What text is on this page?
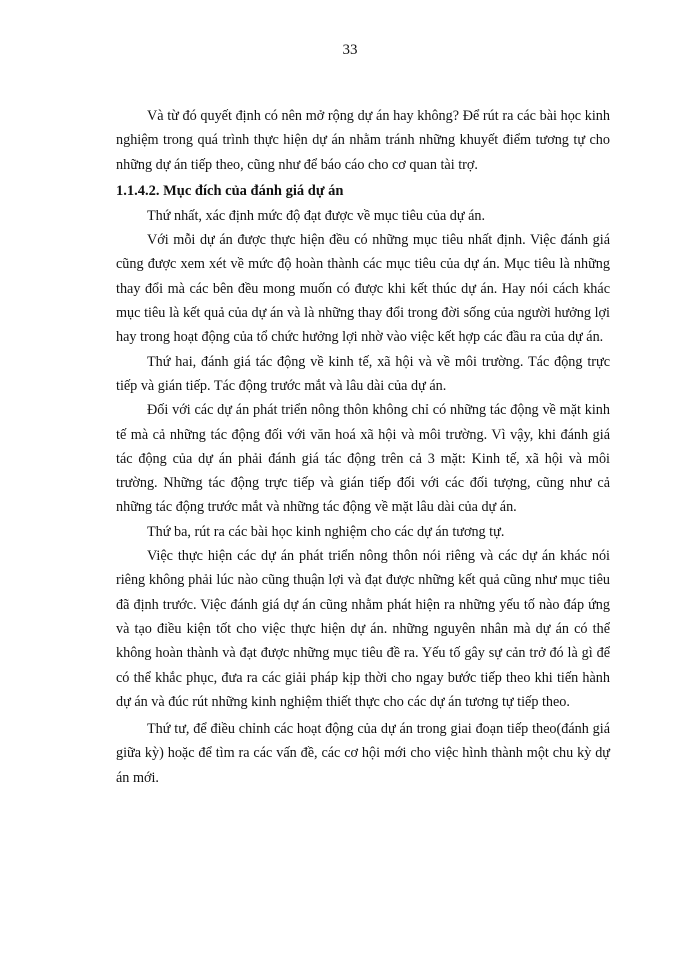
33

Và từ đó quyết định có nên mở rộng dự án hay không? Để rút ra các bài học kinh nghiệm trong quá trình thực hiện dự án nhằm tránh những khuyết điểm tương tự cho những dự án tiếp theo, cũng như để báo cáo cho cơ quan tài trợ.

1.1.4.2. Mục đích của đánh giá dự án

Thứ nhất, xác định mức độ đạt được về mục tiêu của dự án.

Với mỗi dự án được thực hiện đều có những mục tiêu nhất định. Việc đánh giá cũng được xem xét về mức độ hoàn thành các mục tiêu của dự án. Mục tiêu là những thay đổi mà các bên đều mong muốn có được khi kết thúc dự án. Hay nói cách khác mục tiêu là kết quả của dự án và là những thay đổi trong đời sống của người hưởng lợi hay trong hoạt động của tổ chức hưởng lợi nhờ vào việc kết hợp các đầu ra của dự án.

Thứ hai, đánh giá tác động về kinh tế, xã hội và về môi trường. Tác động trực tiếp và gián tiếp. Tác động trước mắt và lâu dài của dự án.

Đối với các dự án phát triển nông thôn không chỉ có những tác động về mặt kinh tế mà cả những tác động đối với văn hoá xã hội và môi trường. Vì vậy, khi đánh giá tác động của dự án phải đánh giá tác động trên cả 3 mặt: Kinh tế, xã hội và môi trường. Những tác động trực tiếp và gián tiếp đối với các đối tượng, cũng như cả những tác động trước mắt và những tác động về mặt lâu dài của dự án.

Thứ ba, rút ra các bài học kinh nghiệm cho các dự án tương tự.

Việc thực hiện các dự án phát triển nông thôn nói riêng và các dự án khác nói riêng không phải lúc nào cũng thuận lợi và đạt được những kết quả cũng như mục tiêu đã định trước. Việc đánh giá dự án cũng nhằm phát hiện ra những yếu tố nào đáp ứng và tạo điều kiện tốt cho việc thực hiện dự án. những nguyên nhân mà dự án có thể không hoàn thành và đạt được những mục tiêu đề ra. Yếu tố gây sự cản trở đó là gì để có thể khắc phục, đưa ra các giải pháp kịp thời cho ngay bước tiếp theo khi tiến hành dự án và đúc rút những kinh nghiệm thiết thực cho các dự án tương tự tiếp theo.

Thứ tư, để điều chỉnh các hoạt động của dự án trong giai đoạn tiếp theo(đánh giá giữa kỳ) hoặc để tìm ra các vấn đề, các cơ hội mới cho việc hình thành một chu kỳ dự án mới.
